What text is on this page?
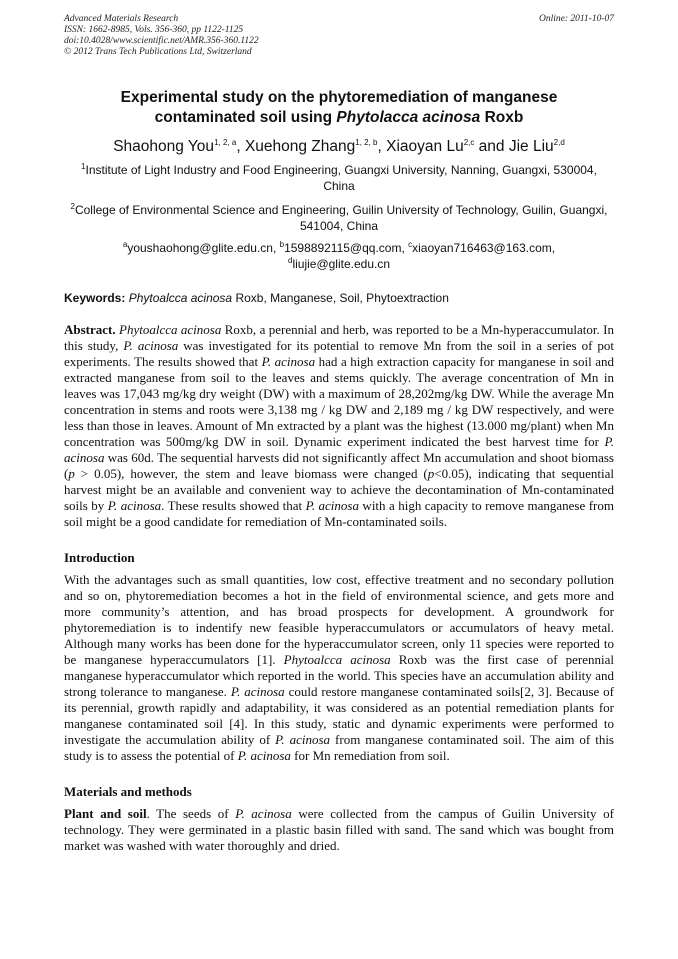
Online: 2011-10-07
Advanced Materials Research
ISSN: 1662-8985, Vols. 356-360, pp 1122-1125
doi:10.4028/www.scientific.net/AMR.356-360.1122
© 2012 Trans Tech Publications Ltd, Switzerland
Experimental study on the phytoremediation of manganese
contaminated soil using Phytolacca acinosa Roxb
Shaohong You$^{1, 2, a}$, Xuehong Zhang$^{1, 2, b}$, Xiaoyan Lu$^{2,c}$ and Jie Liu$^{2,d}$
$^1$Institute of Light Industry and Food Engineering, Guangxi University, Nanning, Guangxi, 530004, China
$^2$College of Environmental Science and Engineering, Guilin University of Technology, Guilin, Guangxi, 541004, China
$^a$youshaohong@glite.edu.cn, $^b$1598892115@qq.com, $^c$xiaoyan716463@163.com,
$^d$liujie@glite.edu.cn
Keywords: Phytoalcca acinosa Roxb, Manganese, Soil, Phytoextraction
Abstract. Phytoalcca acinosa Roxb, a perennial and herb, was reported to be a Mn-hyperaccumulator. In this study, P. acinosa was investigated for its potential to remove Mn from the soil in a series of pot experiments. The results showed that P. acinosa had a high extraction capacity for manganese in soil and extracted manganese from soil to the leaves and stems quickly. The average concentration of Mn in leaves was 17,043 mg/kg dry weight (DW) with a maximum of 28,202mg/kg DW. While the average Mn concentration in stems and roots were 3,138 mg / kg DW and 2,189 mg / kg DW respectively, and were less than those in leaves. Amount of Mn extracted by a plant was the highest (13.000 mg/plant) when Mn concentration was 500mg/kg DW in soil. Dynamic experiment indicated the best harvest time for P. acinosa was 60d. The sequential harvests did not significantly affect Mn accumulation and shoot biomass (p > 0.05), however, the stem and leave biomass were changed (p<0.05), indicating that sequential harvest might be an available and convenient way to achieve the decontamination of Mn-contaminated soils by P. acinosa. These results showed that P. acinosa with a high capacity to remove manganese from soil might be a good candidate for remediation of Mn-contaminated soils.
Introduction
With the advantages such as small quantities, low cost, effective treatment and no secondary pollution and so on, phytoremediation becomes a hot in the field of environmental science, and gets more and more community’s attention, and has broad prospects for development. A groundwork for phytoremediation is to indentify new feasible hyperaccumulators or accumulators of heavy metal. Although many works has been done for the hyperaccumulator screen, only 11 species were reported to be manganese hyperaccumulators [1]. Phytoalcca acinosa Roxb was the first case of perennial manganese hyperaccumulator which reported in the world. This species have an accumulation ability and strong tolerance to manganese. P. acinosa could restore manganese contaminated soils[2, 3]. Because of its perennial, growth rapidly and adaptability, it was considered as an potential remediation plants for manganese contaminated soil [4]. In this study, static and dynamic experiments were performed to investigate the accumulation ability of P. acinosa from manganese contaminated soil. The aim of this study is to assess the potential of P. acinosa for Mn remediation from soil.
Materials and methods
Plant and soil. The seeds of P. acinosa were collected from the campus of Guilin University of technology. They were germinated in a plastic basin filled with sand. The sand which was bought from market was washed with water thoroughly and dried.
